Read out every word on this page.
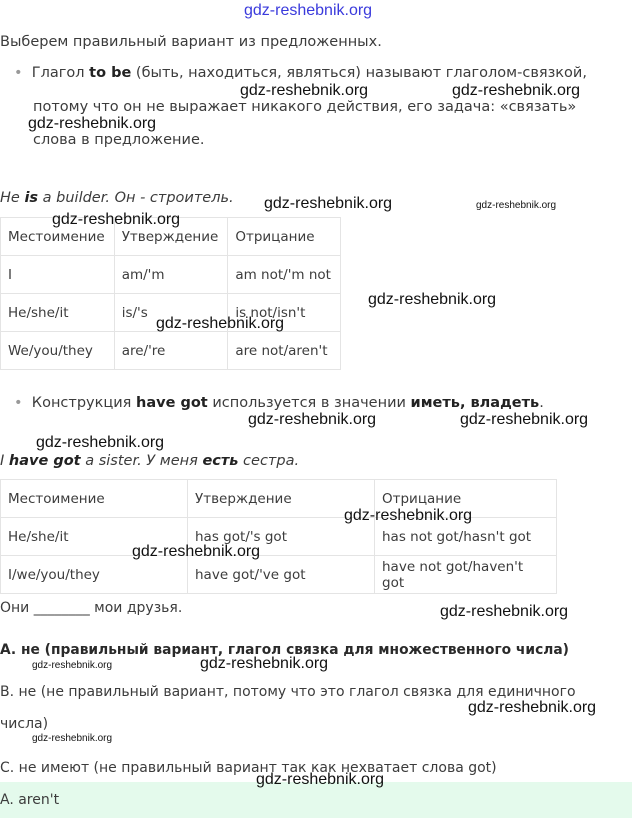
gdz-reshebnik.org
Выберем правильный вариант из предложенных.
• Глагол to be (быть, находиться, являться) называют глаголом-связкой,
потому что он не выражает никакого действия, его задача: «связать»
слова в предложение.
He is a builder. Он - строитель.
Местоимение	Утверждение	Отрицание
I	am/'m	am not/'m not
He/she/it	is/'s	is not/isn't
We/you/they	are/'re	are not/aren't
• Конструкция have got используется в значении иметь, владеть.
I have got a sister. У меня есть сестра.
Местоимение	Утверждение	Отрицание
He/she/it	has got/'s got	has not got/hasn't got
I/we/you/they	have got/'ve got	have not got/haven't got
Они ________ мои друзья.
A. не (правильный вариант, глагол связка для множественного числа)
B. не (не правильный вариант, потому что это глагол связка для единичного
числа)
C. не имеют (не правильный вариант так как нехватает слова got)
A. aren't
gdz-reshebnik.org	gdz-reshebnik.org
gdz-reshebnik.org
gdz-reshebnik.org	gdz-reshebnik.org
gdz-reshebnik.org
gdz-reshebnik.org
gdz-reshebnik.org
gdz-reshebnik.org	gdz-reshebnik.org
gdz-reshebnik.org
gdz-reshebnik.org
gdz-reshebnik.org
gdz-reshebnik.org
gdz-reshebnik.org	gdz-reshebnik.org
gdz-reshebnik.org
gdz-reshebnik.org
gdz-reshebnik.org
